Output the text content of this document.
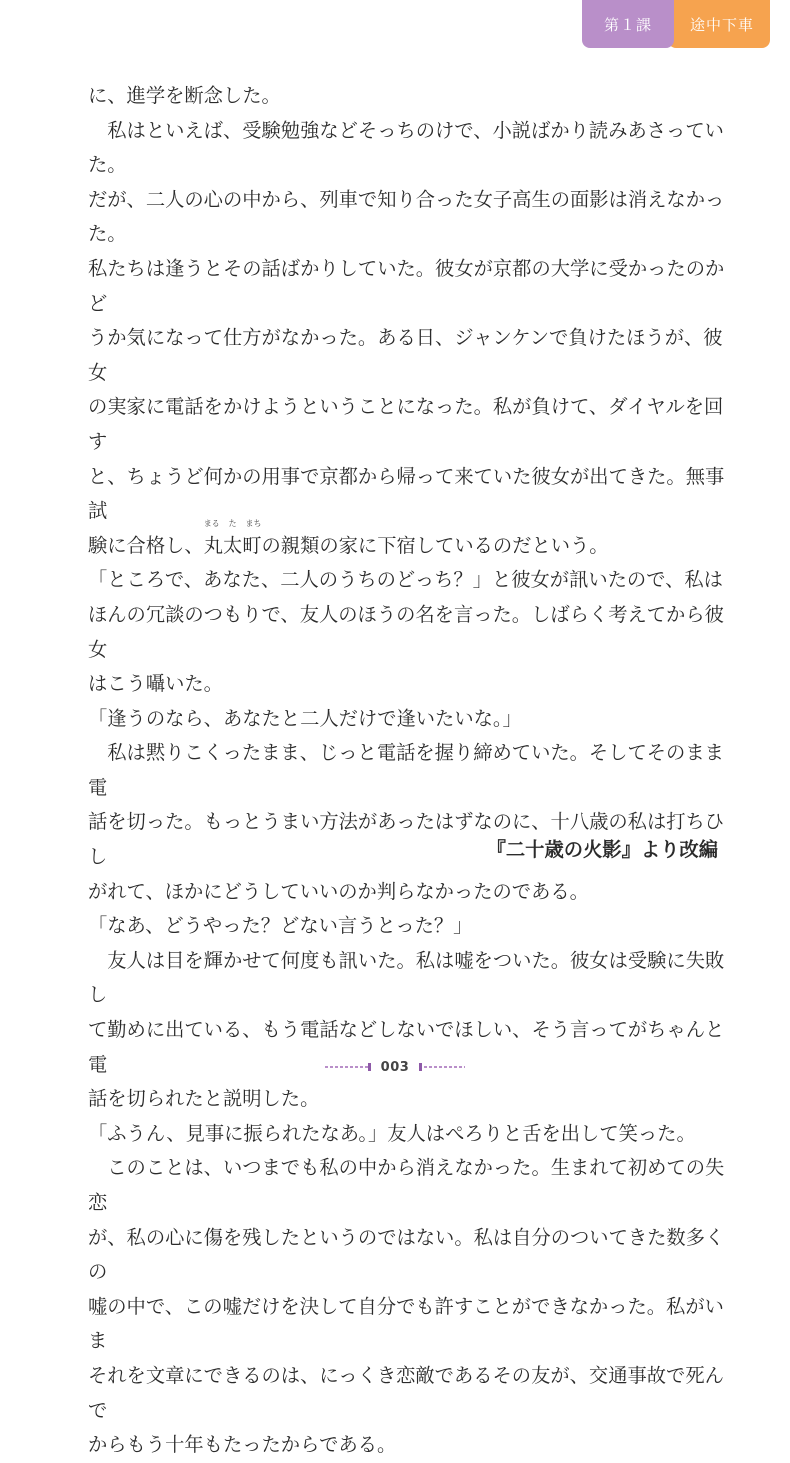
第１課	途中下車
に、進学を断念した。
　私はといえば、受験勉強などそっちのけで、小説ばかり読みあさっていた。
だが、二人の心の中から、列車で知り合った女子高生の面影は消えなかった。
私たちは逢うとその話ばかりしていた。彼女が京都の大学に受かったのかど
うか気になって仕方がなかった。ある日、ジャンケンで負けたほうが、彼女
の実家に電話をかけようということになった。私が負けて、ダイヤルを回す
と、ちょうど何かの用事で京都から帰って来ていた彼女が出てきた。無事試
験に合格し、
まる た まち
丸太町の親類の家に下宿しているのだという。
「ところで、あなた、二人のうちのどっち？」と彼女が訊いたので、私は
ほんの冗談のつもりで、友人のほうの名を言った。しばらく考えてから彼女
はこう囁いた。
「逢うのなら、あなたと二人だけで逢いたいな。」
　私は黙りこくったまま、じっと電話を握り締めていた。そしてそのまま電
話を切った。もっとうまい方法があったはずなのに、十八歳の私は打ちひし
がれて、ほかにどうしていいのか判らなかったのである。
「なあ、どうやった？どない言うとった？」
　友人は目を輝かせて何度も訊いた。私は嘘をついた。彼女は受験に失敗し
て勤めに出ている、もう電話などしないでほしい、そう言ってがちゃんと電
話を切られたと説明した。
「ふうん、見事に振られたなあ。」友人はぺろりと舌を出して笑った。
　このことは、いつまでも私の中から消えなかった。生まれて初めての失恋
が、私の心に傷を残したというのではない。私は自分のついてきた数多くの
嘘の中で、この嘘だけを決して自分でも許すことができなかった。私がいま
それを文章にできるのは、にっくき恋敵であるその友が、交通事故で死んで
からもう十年もたったからである。
『二十歳の火影』より改編
003
